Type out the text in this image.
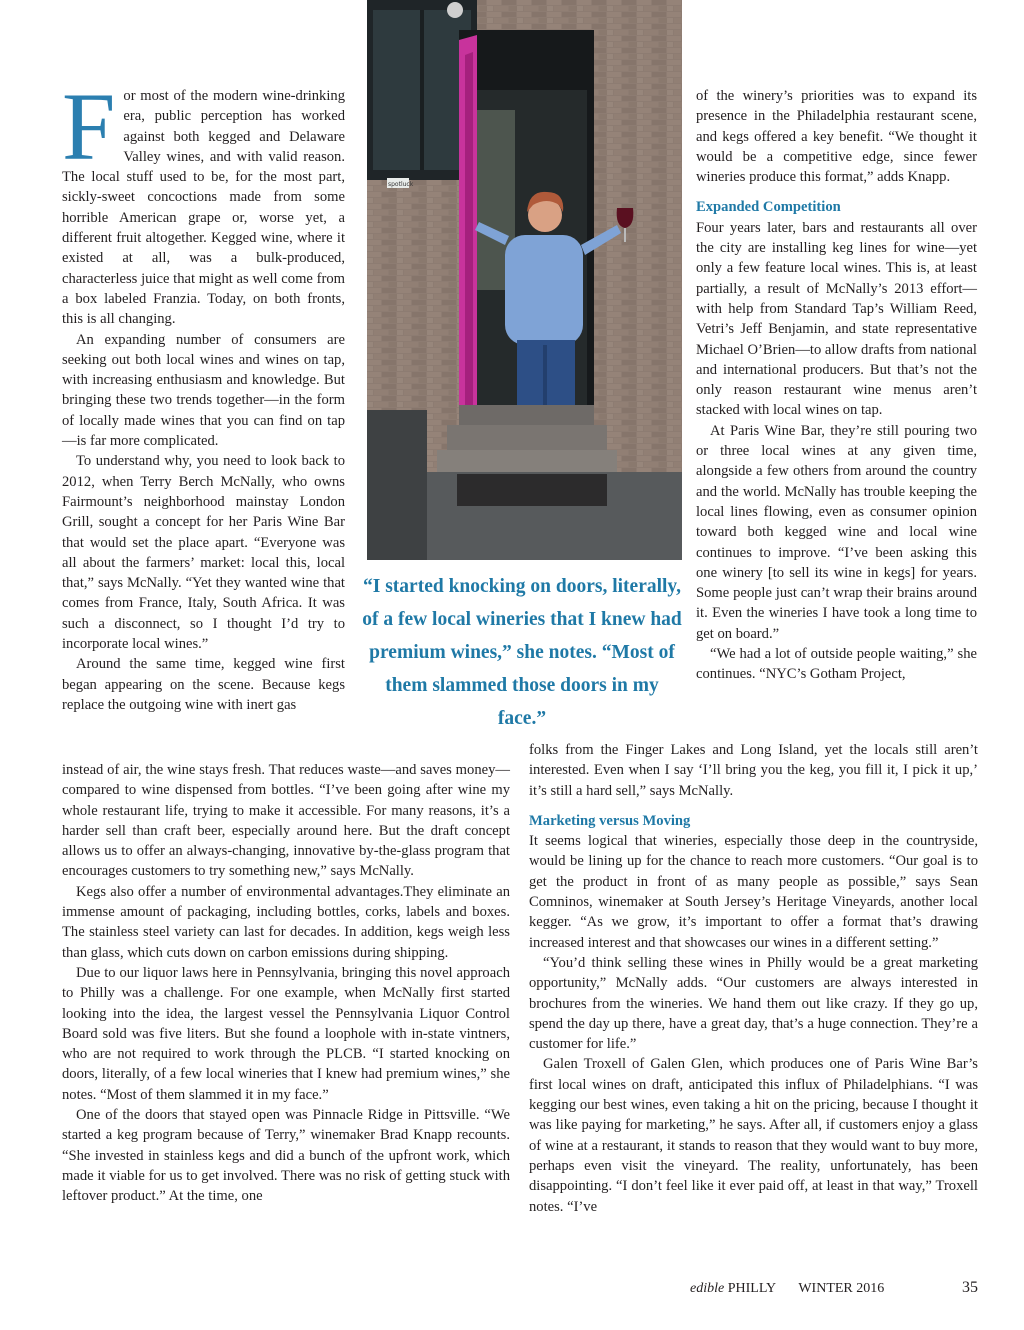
For most of the modern wine-drinking era, public perception has worked against both kegged and Delaware Valley wines, and with valid reason. The local stuff used to be, for the most part, sickly-sweet concoctions made from some horrible American grape or, worse yet, a different fruit altogether. Kegged wine, where it existed at all, was a bulk-produced, characterless juice that might as well come from a box labeled Franzia. Today, on both fronts, this is all changing.

An expanding number of consumers are seeking out both local wines and wines on tap, with increasing enthusiasm and knowledge. But bringing these two trends together—in the form of locally made wines that you can find on tap—is far more complicated.

To understand why, you need to look back to 2012, when Terry Berch McNally, who owns Fairmount’s neighborhood mainstay London Grill, sought a concept for her Paris Wine Bar that would set the place apart. “Everyone was all about the farmers’ market: local this, local that,” says McNally. “Yet they wanted wine that comes from France, Italy, South Africa. It was such a disconnect, so I thought I’d try to incorporate local wines.”

Around the same time, kegged wine first began appearing on the scene. Because kegs replace the outgoing wine with inert gas

spotluck

of the winery’s priorities was to expand its presence in the Philadelphia restaurant scene, and kegs offered a key benefit. “We thought it would be a competitive edge, since fewer wineries produce this format,” adds Knapp.

Expanded Competition

Four years later, bars and restaurants all over the city are installing keg lines for wine—yet only a few feature local wines. This is, at least partially, a result of McNally’s 2013 effort—with help from Standard Tap’s William Reed, Vetri’s Jeff Benjamin, and state representative Michael O’Brien—to allow drafts from national and international producers. But that’s not the only reason restaurant wine menus aren’t stacked with local wines on tap.

At Paris Wine Bar, they’re still pouring two or three local wines at any given time, alongside a few others from around the country and the world. McNally has trouble keeping the local lines flowing, even as consumer opinion toward both kegged wine and local wine continues to improve. “I’ve been asking this one winery [to sell its wine in kegs] for years. Some people just can’t wrap their brains around it. Even the wineries I have took a long time to get on board.”

“We had a lot of outside people waiting,” she continues. “NYC’s Gotham Project,

“I started knocking on doors, literally, of a few local wineries that I knew had premium wines,” she notes. “Most of them slammed those doors in my face.”

instead of air, the wine stays fresh. That reduces waste—and saves money—compared to wine dispensed from bottles. “I’ve been going after wine my whole restaurant life, trying to make it accessible. For many reasons, it’s a harder sell than craft beer, especially around here. But the draft concept allows us to offer an always-changing, innovative by-the-glass program that encourages customers to try something new,” says McNally.

Kegs also offer a number of environmental advantages.They eliminate an immense amount of packaging, including bottles, corks, labels and boxes. The stainless steel variety can last for decades. In addition, kegs weigh less than glass, which cuts down on carbon emissions during shipping.

Due to our liquor laws here in Pennsylvania, bringing this novel approach to Philly was a challenge. For one example, when McNally first started looking into the idea, the largest vessel the Pennsylvania Liquor Control Board sold was five liters. But she found a loophole with in-state vintners, who are not required to work through the PLCB. “I started knocking on doors, literally, of a few local wineries that I knew had premium wines,” she notes. “Most of them slammed it in my face.”

One of the doors that stayed open was Pinnacle Ridge in Pittsville. “We started a keg program because of Terry,” winemaker Brad Knapp recounts. “She invested in stainless kegs and did a bunch of the upfront work, which made it viable for us to get involved. There was no risk of getting stuck with leftover product.” At the time, one

folks from the Finger Lakes and Long Island, yet the locals still aren’t interested. Even when I say ‘I’ll bring you the keg, you fill it, I pick it up,’ it’s still a hard sell,” says McNally.

Marketing versus Moving

It seems logical that wineries, especially those deep in the countryside, would be lining up for the chance to reach more customers. “Our goal is to get the product in front of as many people as possible,” says Sean Comninos, winemaker at South Jersey’s Heritage Vineyards, another local kegger. “As we grow, it’s important to offer a format that’s drawing increased interest and that showcases our wines in a different setting.”

“You’d think selling these wines in Philly would be a great marketing opportunity,” McNally adds. “Our customers are always interested in brochures from the wineries. We hand them out like crazy. If they go up, spend the day up there, have a great day, that’s a huge connection. They’re a customer for life.”

Galen Troxell of Galen Glen, which produces one of Paris Wine Bar’s first local wines on draft, anticipated this influx of Philadelphians. “I was kegging our best wines, even taking a hit on the pricing, because I thought it was like paying for marketing,” he says. After all, if customers enjoy a glass of wine at a restaurant, it stands to reason that they would want to buy more, perhaps even visit the vineyard. The reality, unfortunately, has been disappointing. “I don’t feel like it ever paid off, at least in that way,” Troxell notes. “I’ve

edible PHILLY WINTER 2016	35
